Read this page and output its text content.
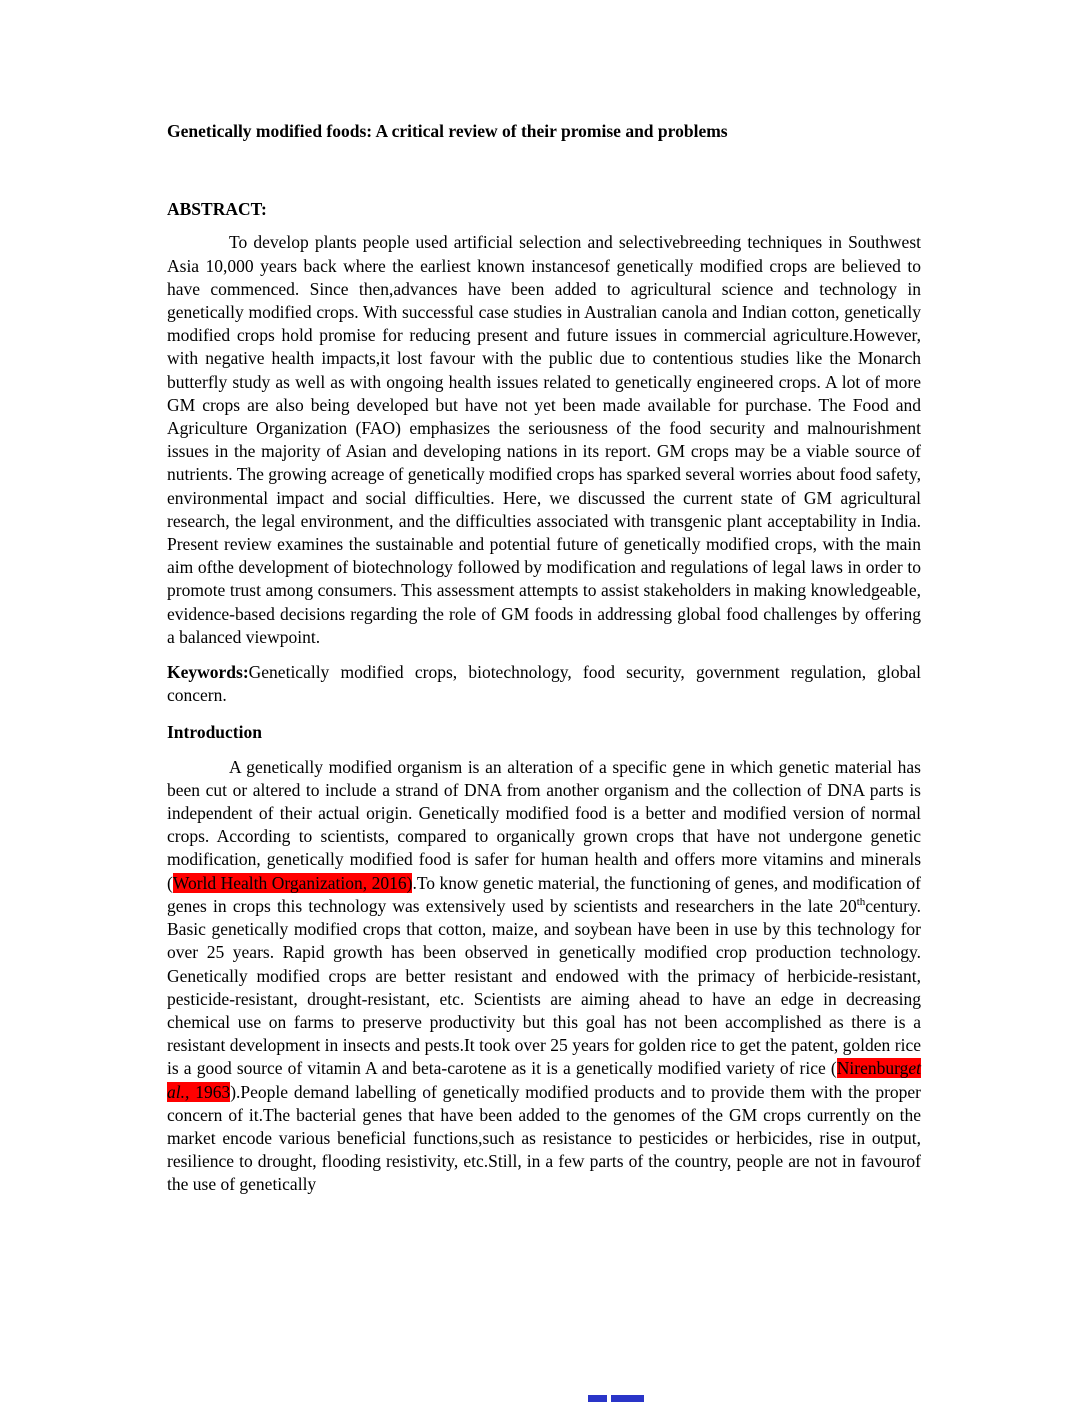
Genetically modified foods: A critical review of their promise and problems

ABSTRACT:

To develop plants people used artificial selection and selectivebreeding techniques in Southwest Asia 10,000 years back where the earliest known instancesof genetically modified crops are believed to have commenced. Since then,advances have been added to agricultural science and technology in genetically modified crops. With successful case studies in Australian canola and Indian cotton, genetically modified crops hold promise for reducing present and future issues in commercial agriculture.However, with negative health impacts,it lost favour with the public due to contentious studies like the Monarch butterfly study as well as with ongoing health issues related to genetically engineered crops. A lot of more GM crops are also being developed but have not yet been made available for purchase. The Food and Agriculture Organization (FAO) emphasizes the seriousness of the food security and malnourishment issues in the majority of Asian and developing nations in its report. GM crops may be a viable source of nutrients. The growing acreage of genetically modified crops has sparked several worries about food safety, environmental impact and social difficulties. Here, we discussed the current state of GM agricultural research, the legal environment, and the difficulties associated with transgenic plant acceptability in India. Present review examines the sustainable and potential future of genetically modified crops, with the main aim ofthe development of biotechnology followed by modification and regulations of legal laws in order to promote trust among consumers. This assessment attempts to assist stakeholders in making knowledgeable, evidence-based decisions regarding the role of GM foods in addressing global food challenges by offering a balanced viewpoint.

Keywords:Genetically modified crops, biotechnology, food security, government regulation, global concern.

Introduction

A genetically modified organism is an alteration of a specific gene in which genetic material has been cut or altered to include a strand of DNA from another organism and the collection of DNA parts is independent of their actual origin. Genetically modified food is a better and modified version of normal crops. According to scientists, compared to organically grown crops that have not undergone genetic modification, genetically modified food is safer for human health and offers more vitamins and minerals (World Health Organization, 2016).To know genetic material, the functioning of genes, and modification of genes in crops this technology was extensively used by scientists and researchers in the late 20thcentury. Basic genetically modified crops that cotton, maize, and soybean have been in use by this technology for over 25 years. Rapid growth has been observed in genetically modified crop production technology. Genetically modified crops are better resistant and endowed with the primacy of herbicide-resistant, pesticide-resistant, drought-resistant, etc. Scientists are aiming ahead to have an edge in decreasing chemical use on farms to preserve productivity but this goal has not been accomplished as there is a resistant development in insects and pests.It took over 25 years for golden rice to get the patent, golden rice is a good source of vitamin A and beta-carotene as it is a genetically modified variety of rice (Nirenburget al., 1963).People demand labelling of genetically modified products and to provide them with the proper concern of it.The bacterial genes that have been added to the genomes of the GM crops currently on the market encode various beneficial functions,such as resistance to pesticides or herbicides, rise in output, resilience to drought, flooding resistivity, etc.Still, in a few parts of the country, people are not in favourof the use of genetically
